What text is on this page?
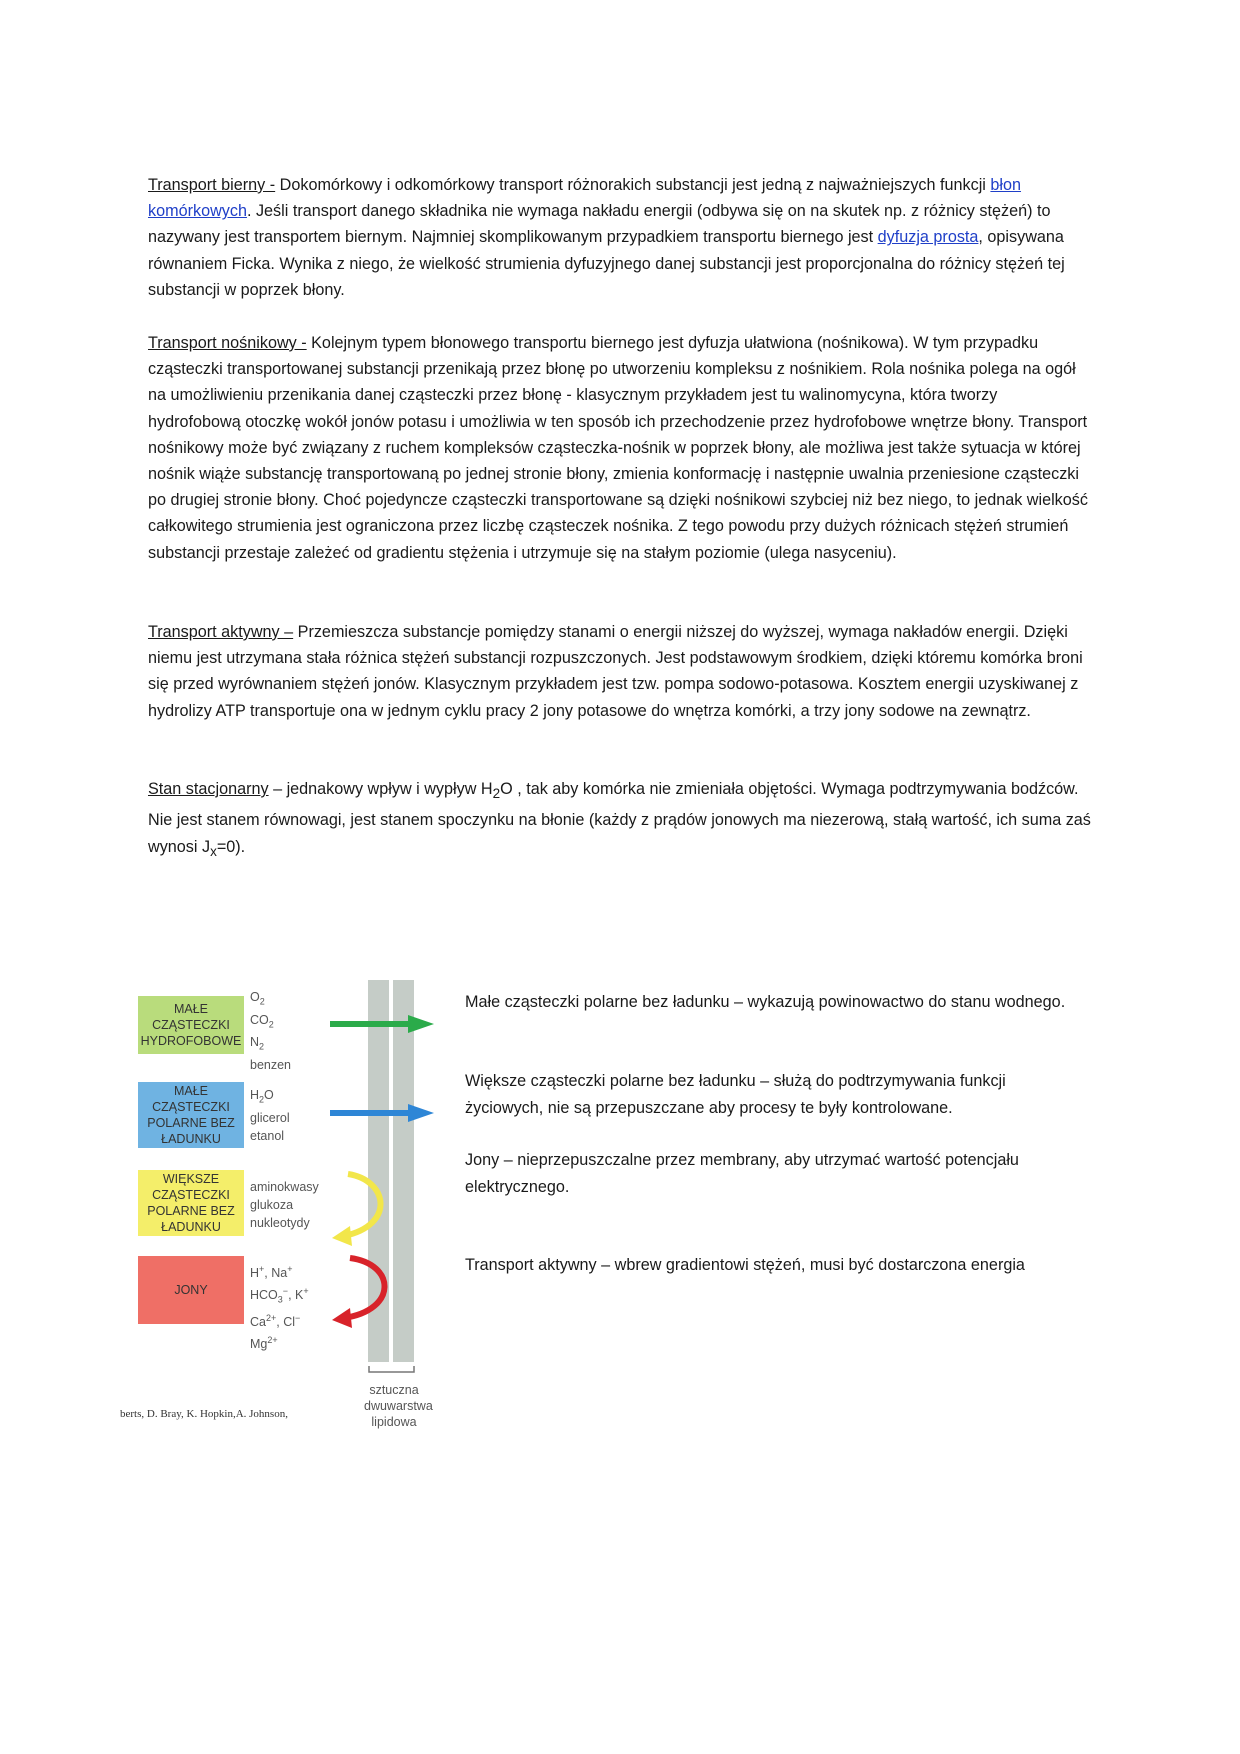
Transport bierny - Dokomórkowy i odkomórkowy transport różnorakich substancji jest jedną z najważniejszych funkcji błon komórkowych. Jeśli transport danego składnika nie wymaga nakładu energii (odbywa się on na skutek np. z różnicy stężeń) to nazywany jest transportem biernym. Najmniej skomplikowanym przypadkiem transportu biernego jest dyfuzja prosta, opisywana równaniem Ficka. Wynika z niego, że wielkość strumienia dyfuzyjnego danej substancji jest proporcjonalna do różnicy stężeń tej substancji w poprzek błony.

Transport nośnikowy - Kolejnym typem błonowego transportu biernego jest dyfuzja ułatwiona (nośnikowa). W tym przypadku cząsteczki transportowanej substancji przenikają przez błonę po utworzeniu kompleksu z nośnikiem. Rola nośnika polega na ogół na umożliwieniu przenikania danej cząsteczki przez błonę - klasycznym przykładem jest tu walinomycyna, która tworzy hydrofobową otoczkę wokół jonów potasu i umożliwia w ten sposób ich przechodzenie przez hydrofobowe wnętrze błony. Transport nośnikowy może być związany z ruchem kompleksów cząsteczka-nośnik w poprzek błony, ale możliwa jest także sytuacja w której nośnik wiąże substancję transportowaną po jednej stronie błony, zmienia konformację i następnie uwalnia przeniesione cząsteczki po drugiej stronie błony. Choć pojedyncze cząsteczki transportowane są dzięki nośnikowi szybciej niż bez niego, to jednak wielkość całkowitego strumienia jest ograniczona przez liczbę cząsteczek nośnika. Z tego powodu przy dużych różnicach stężeń strumień substancji przestaje zależeć od gradientu stężenia i utrzymuje się na stałym poziomie (ulega nasyceniu).

Transport aktywny – Przemieszcza substancje pomiędzy stanami o energii niższej do wyższej, wymaga nakładów energii. Dzięki niemu jest utrzymana stała różnica stężeń substancji rozpuszczonych. Jest podstawowym środkiem, dzięki któremu komórka broni się przed wyrównaniem stężeń jonów. Klasycznym przykładem jest tzw. pompa sodowo-potasowa. Kosztem energii uzyskiwanej z hydrolizy ATP transportuje ona w jednym cyklu pracy 2 jony potasowe do wnętrza komórki, a trzy jony sodowe na zewnątrz.

Stan stacjonarny – jednakowy wpływ i wypływ $H_2O$ , tak aby komórka nie zmieniała objętości. Wymaga podtrzymywania bodźców. Nie jest stanem równowagi, jest stanem spoczynku na błonie (każdy z prądów jonowych ma niezerową, stałą wartość, ich suma zaś wynosi $J_x=0$).

MAŁE CZĄSTECZKI HYDROFOBOWE
MAŁE CZĄSTECZKI POLARNE BEZ ŁADUNKU
WIĘKSZE CZĄSTECZKI POLARNE BEZ ŁADUNKU
JONY
$O_2$
$CO_2$
$N_2$
benzen
$H_2O$
glicerol
etanol
aminokwasy
glukoza
nukleotydy
H+, Na+
$HCO_3^-$, K+
$Ca^{2+}$, Cl−
$Mg^{2+}$
sztuczna
dwuwarstwa
lipidowa
berts, D. Bray, K. Hopkin,A. Johnson,
Małe cząsteczki polarne bez ładunku – wykazują powinowactwo do stanu wodnego.
Większe cząsteczki polarne bez ładunku – służą do podtrzymywania funkcji życiowych, nie są przepuszczane aby procesy te były kontrolowane.
Jony – nieprzepuszczalne przez membrany, aby utrzymać wartość potencjału elektrycznego.
Transport aktywny – wbrew gradientowi stężeń, musi być dostarczona energia
